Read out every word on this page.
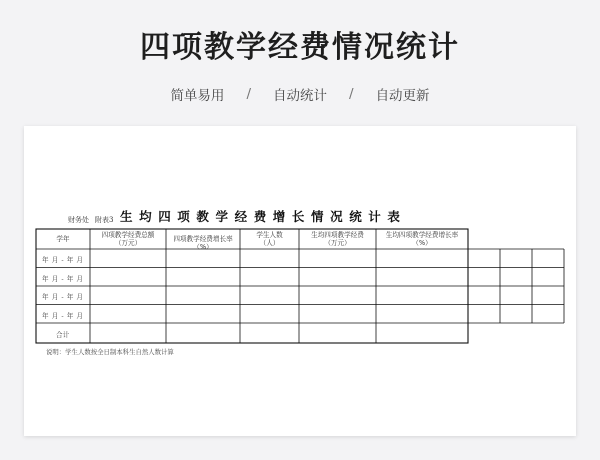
四项教学经费情况统计
简单易用 / 自动统计 / 自动更新
财务处 附表3 生均四项教学经费增长情况统计表
学年	四项教学经费总额
（万元）	四项教学经费增长率（%）
学生人数
（人）
生均四项教学经费
（万元）
生均四项教学经费增长率
（%）
年 月 - 年 月
年 月 - 年 月
年 月 - 年 月
年 月 - 年 月
合计
说明：学生人数按全日制本科生自然人数计算
